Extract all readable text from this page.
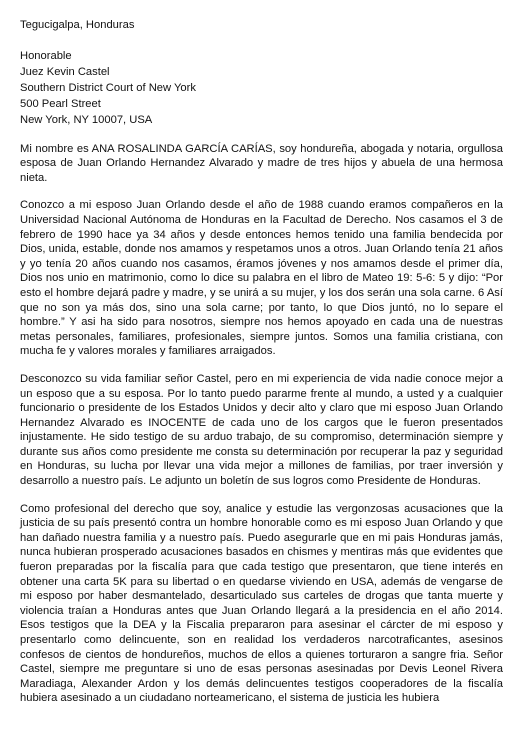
Tegucigalpa, Honduras
Honorable
Juez Kevin Castel
Southern District Court of New York
500 Pearl Street
New York, NY 10007, USA

Mi nombre es ANA ROSALINDA GARCÍA CARÍAS, soy hondureña, abogada y notaria, orgullosa esposa de Juan Orlando Hernandez Alvarado y madre de tres hijos y abuela de una hermosa nieta.

Conozco a mi esposo Juan Orlando desde el año de 1988 cuando eramos compañeros en la Universidad Nacional Autónoma de Honduras en la Facultad de Derecho. Nos casamos el 3 de febrero de 1990 hace ya 34 años y desde entonces hemos tenido una familia bendecida por Dios, unida, estable, donde nos amamos y respetamos unos a otros. Juan Orlando tenía 21 años y yo tenía 20 años cuando nos casamos, éramos jóvenes y nos amamos desde el primer día, Dios nos unio en matrimonio, como lo dice su palabra en el libro de Mateo 19: 5-6: 5 y dijo: “Por esto el hombre dejará padre y madre, y se unirá a su mujer, y los dos serán una sola carne. 6 Así que no son ya más dos, sino una sola carne; por tanto, lo que Dios juntó, no lo separe el hombre.” Y asi ha sido para nosotros, siempre nos hemos apoyado en cada una de nuestras metas personales, familiares, profesionales, siempre juntos. Somos una familia cristiana, con mucha fe y valores morales y familiares arraigados.

Desconozco su vida familiar señor Castel, pero en mi experiencia de vida nadie conoce mejor a un esposo que a su esposa. Por lo tanto puedo pararme frente al mundo, a usted y a cualquier funcionario o presidente de los Estados Unidos y decir alto y claro que mi esposo Juan Orlando Hernandez Alvarado es INOCENTE de cada uno de los cargos que le fueron presentados injustamente. He sido testigo de su arduo trabajo, de su compromiso, determinación siempre y durante sus años como presidente me consta su determinación por recuperar la paz y seguridad en Honduras, su lucha por llevar una vida mejor a millones de familias, por traer inversión y desarrollo a nuestro país. Le adjunto un boletín de sus logros como Presidente de Honduras.

Como profesional del derecho que soy, analice y estudie las vergonzosas acusaciones que la justicia de su país presentó contra un hombre honorable como es mi esposo Juan Orlando y que han dañado nuestra familia y a nuestro país. Puedo asegurarle que en mi pais Honduras jamás, nunca hubieran prosperado acusaciones basados en chismes y mentiras más que evidentes que fueron preparadas por la fiscalía para que cada testigo que presentaron, que tiene interés en obtener una carta 5K para su libertad o en quedarse viviendo en USA, además de vengarse de mi esposo por haber desmantelado, desarticulado sus carteles de drogas que tanta muerte y violencia traían a Honduras antes que Juan Orlando llegará a la presidencia en el año 2014. Esos testigos que la DEA y la Fiscalia prepararon para asesinar el cárcter de mi esposo y presentarlo como delincuente, son en realidad los verdaderos narcotraficantes, asesinos confesos de cientos de hondureños, muchos de ellos a quienes torturaron a sangre fria. Señor Castel, siempre me preguntare si uno de esas personas asesinadas por Devis Leonel Rivera Maradiaga, Alexander Ardon y los demás delincuentes testigos cooperadores de la fiscalía hubiera asesinado a un ciudadano norteamericano, el sistema de justicia les hubiera
